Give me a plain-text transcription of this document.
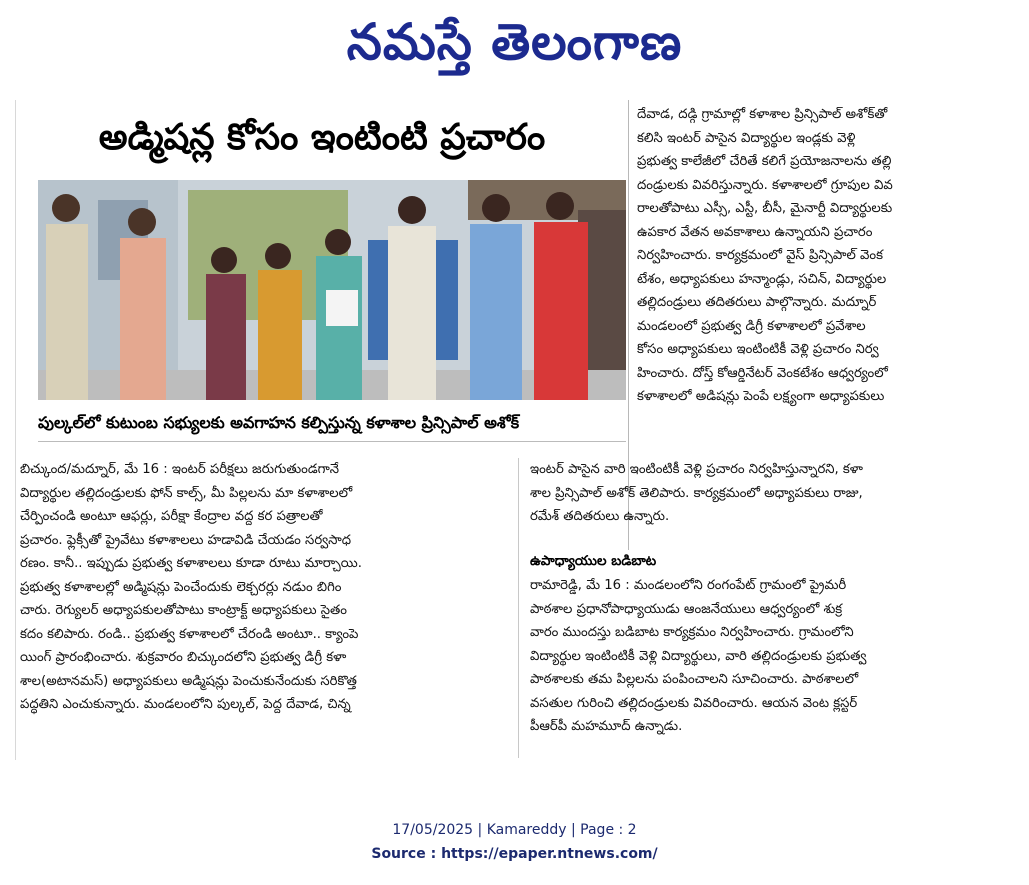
నమస్తే తెలంగాణ
అడ్మిషన్ల కోసం ఇంటింటి ప్రచారం
పుల్కల్‌లో కుటుంబ సభ్యులకు అవగాహన కల్పిస్తున్న కళాశాల ప్రిన్సిపాల్ అశోక్

దేవాడ, దడ్గి గ్రామాల్లో కళాశాల ప్రిన్సిపాల్ అశోక్‌తో

కలిసి ఇంటర్ పాసైన విద్యార్థుల ఇండ్లకు వెళ్లి

ప్రభుత్వ కాలేజీలో చేరితే కలిగే ప్రయోజనాలను తల్లి

దండ్రులకు వివరిస్తున్నారు. కళాశాలలో గ్రూపుల వివ

రాలతోపాటు ఎస్సీ, ఎస్టీ, బీసీ, మైనార్టీ విద్యార్థులకు

ఉపకార వేతన అవకాశాలు ఉన్నాయని ప్రచారం

నిర్వహించారు. కార్యక్రమంలో వైస్ ప్రిన్సిపాల్ వెంక

టేశం, అధ్యాపకులు హన్మాండ్లు, సచిన్, విద్యార్థుల

తల్లిదండ్రులు తదితరులు పాల్గొన్నారు. మద్నూర్

మండలంలో ప్రభుత్వ డిగ్రీ కళాశాలలో ప్రవేశాల

కోసం అధ్యాపకులు ఇంటింటికీ వెళ్లి ప్రచారం నిర్వ

హించారు. దోస్త్ కోఆర్డినేటర్ వెంకటేశం ఆధ్వర్యంలో

కళాశాలలో అడిషన్లు పెంపే లక్ష్యంగా అధ్యాపకులు

ఇంటర్ పాసైన వారి ఇంటింటికీ వెళ్లి ప్రచారం నిర్వహిస్తున్నారని, కళా

శాల ప్రిన్సిపాల్ అశోక్ తెలిపారు. కార్యక్రమంలో అధ్యాపకులు రాజు,

రమేశ్ తదితరులు ఉన్నారు.

బిచ్కుంద/మద్నూర్, మే 16 : ఇంటర్ పరీక్షలు జరుగుతుండగానే

విద్యార్థుల తల్లిదండ్రులకు ఫోన్ కాల్స్, మీ పిల్లలను మా కళాశాలలో

చేర్పించండి అంటూ ఆఫర్లు, పరీక్షా కేంద్రాల వద్ద కర పత్రాలతో

ప్రచారం. ఫ్లెక్సీతో ప్రైవేటు కళాశాలలు హడావిడి చేయడం సర్వసాధ

రణం. కానీ.. ఇప్పుడు ప్రభుత్వ కళాశాలలు కూడా రూటు మార్చాయి.

ప్రభుత్వ కళాశాలల్లో అడ్మిషన్లు పెంచేందుకు లెక్చరర్లు నడుం బిగిం

చారు. రెగ్యులర్ అధ్యాపకులతోపాటు కాంట్రాక్ట్ అధ్యాపకులు సైతం

కదం కలిపారు. రండి.. ప్రభుత్వ కళాశాలలో చేరండి అంటూ.. క్యాంపె

యింగ్ ప్రారంభించారు. శుక్రవారం బిచ్కుందలోని ప్రభుత్వ డిగ్రీ కళా

శాల(అటానమస్) అధ్యాపకులు అడ్మిషన్లు పెంచుకునేందుకు సరికొత్త

పద్ధతిని ఎంచుకున్నారు. మండలంలోని పుల్కల్, పెద్ద దేవాడ, చిన్న

ఉపాధ్యాయుల బడిబాట

రామారెడ్డి, మే 16 : మండలంలోని రంగంపేట్ గ్రామంలో ప్రైమరీ

పాఠశాల ప్రధానోపాధ్యాయుడు ఆంజనేయులు ఆధ్వర్యంలో శుక్ర

వారం ముందస్తు బడిబాట కార్యక్రమం నిర్వహించారు. గ్రామంలోని

విద్యార్థుల ఇంటింటికీ వెళ్లి విద్యార్థులు, వారి తల్లిదండ్రులకు ప్రభుత్వ

పాఠశాలకు తమ పిల్లలను పంపించాలని సూచించారు. పాఠశాలలో

వసతుల గురించి తల్లిదండ్రులకు వివరించారు. ఆయన వెంట క్లస్టర్

పీఆర్‌పీ మహమూద్ ఉన్నాడు.

17/05/2025 | Kamareddy | Page : 2
Source : https://epaper.ntnews.com/
